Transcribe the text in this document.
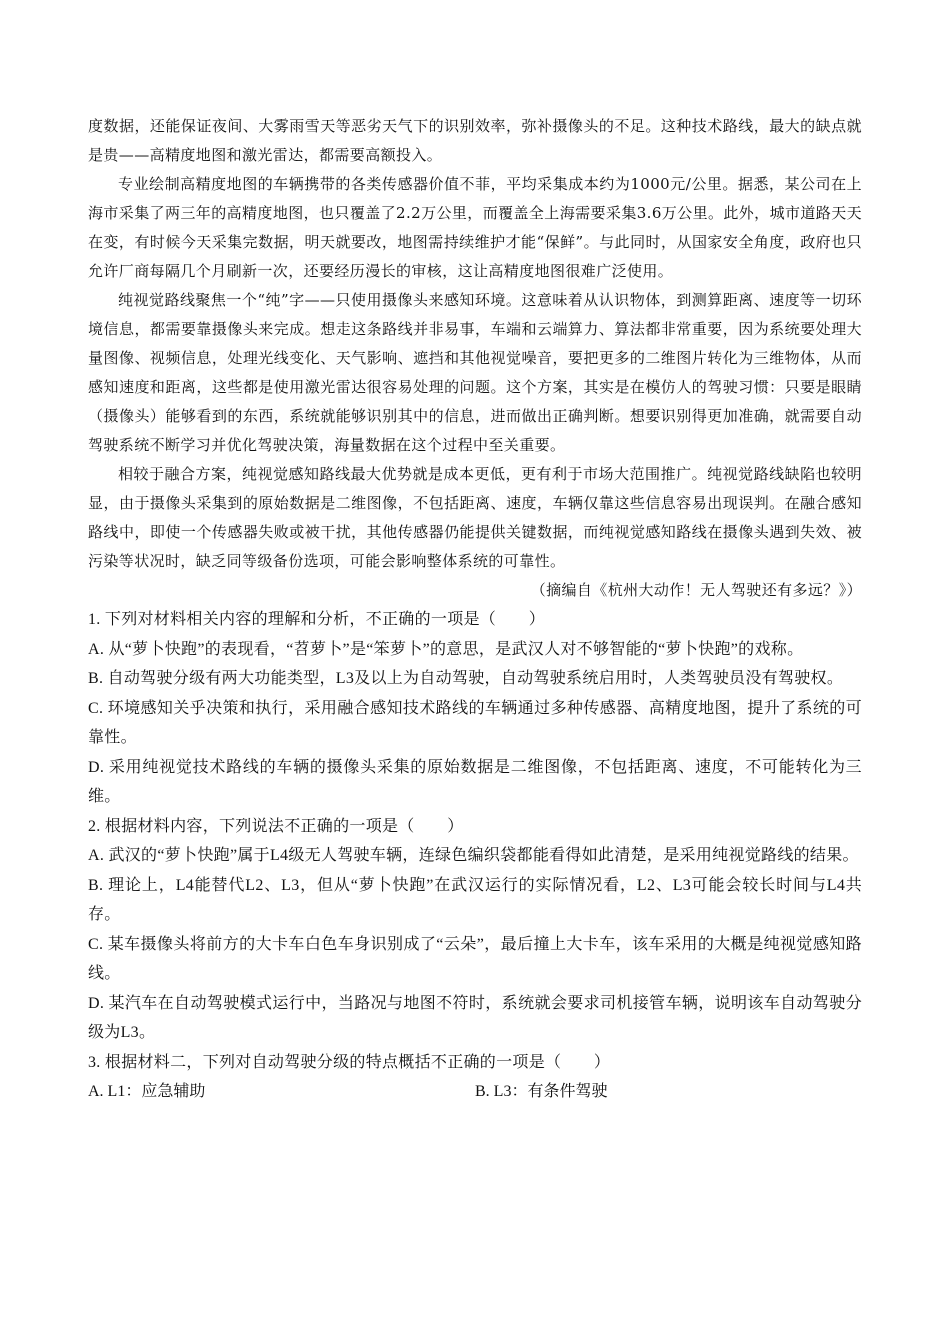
度数据，还能保证夜间、大雾雨雪天等恶劣天气下的识别效率，弥补摄像头的不足。这种技术路线，最大的缺点就是贵——高精度地图和激光雷达，都需要高额投入。

专业绘制高精度地图的车辆携带的各类传感器价值不菲，平均采集成本约为1000元/公里。据悉，某公司在上海市采集了两三年的高精度地图，也只覆盖了2.2万公里，而覆盖全上海需要采集3.6万公里。此外，城市道路天天在变，有时候今天采集完数据，明天就要改，地图需持续维护才能“保鲜”。与此同时，从国家安全角度，政府也只允许厂商每隔几个月刷新一次，还要经历漫长的审核，这让高精度地图很难广泛使用。

纯视觉路线聚焦一个“纯”字——只使用摄像头来感知环境。这意味着从认识物体，到测算距离、速度等一切环境信息，都需要靠摄像头来完成。想走这条路线并非易事，车端和云端算力、算法都非常重要，因为系统要处理大量图像、视频信息，处理光线变化、天气影响、遮挡和其他视觉噪音，要把更多的二维图片转化为三维物体，从而感知速度和距离，这些都是使用激光雷达很容易处理的问题。这个方案，其实是在模仿人的驾驶习惯：只要是眼睛（摄像头）能够看到的东西，系统就能够识别其中的信息，进而做出正确判断。想要识别得更加准确，就需要自动驾驶系统不断学习并优化驾驶决策，海量数据在这个过程中至关重要。

相较于融合方案，纯视觉感知路线最大优势就是成本更低，更有利于市场大范围推广。纯视觉路线缺陷也较明显，由于摄像头采集到的原始数据是二维图像，不包括距离、速度，车辆仅靠这些信息容易出现误判。在融合感知路线中，即使一个传感器失败或被干扰，其他传感器仍能提供关键数据，而纯视觉感知路线在摄像头遇到失效、被污染等状况时，缺乏同等级备份选项，可能会影响整体系统的可靠性。

（摘编自《杭州大动作！无人驾驶还有多远？》）

1. 下列对材料相关内容的理解和分析，不正确的一项是（　　）

A. 从“萝卜快跑”的表现看，“苕萝卜”是“笨萝卜”的意思，是武汉人对不够智能的“萝卜快跑”的戏称。

B. 自动驾驶分级有两大功能类型，L3及以上为自动驾驶，自动驾驶系统启用时，人类驾驶员没有驾驶权。

C. 环境感知关乎决策和执行，采用融合感知技术路线的车辆通过多种传感器、高精度地图，提升了系统的可靠性。

D. 采用纯视觉技术路线的车辆的摄像头采集的原始数据是二维图像，不包括距离、速度，不可能转化为三维。

2. 根据材料内容，下列说法不正确的一项是（　　）

A. 武汉的“萝卜快跑”属于L4级无人驾驶车辆，连绿色编织袋都能看得如此清楚，是采用纯视觉路线的结果。

B. 理论上，L4能替代L2、L3，但从“萝卜快跑”在武汉运行的实际情况看，L2、L3可能会较长时间与L4共存。

C. 某车摄像头将前方的大卡车白色车身识别成了“云朵”，最后撞上大卡车，该车采用的大概是纯视觉感知路线。

D. 某汽车在自动驾驶模式运行中，当路况与地图不符时，系统就会要求司机接管车辆，说明该车自动驾驶分级为L3。

3. 根据材料二，下列对自动驾驶分级的特点概括不正确的一项是（　　）

A. L1：应急辅助	B. L3：有条件驾驶
